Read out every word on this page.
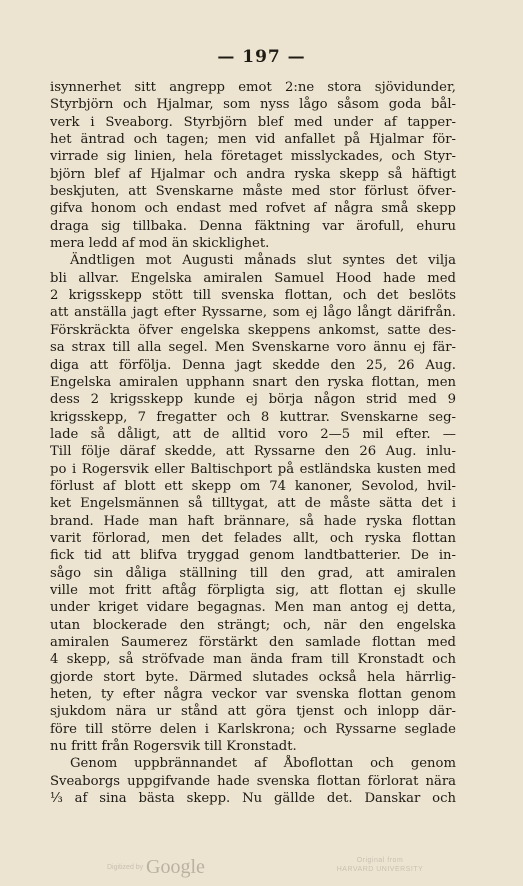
— 197 —
isynnerhet sitt angrepp emot 2:ne stora sjövidunder,
Styrbjörn och Hjalmar, som nyss lågo såsom goda bål-
verk i Sveaborg. Styrbjörn blef med under af tapper-
het äntrad och tagen; men vid anfallet på Hjalmar för-
virrade sig linien, hela företaget misslyckades, och Styr-
björn blef af Hjalmar och andra ryska skepp så häftigt
beskjuten, att Svenskarne måste med stor förlust öfver-
gifva honom och endast med rofvet af några små skepp
draga sig tillbaka. Denna fäktning var ärofull, ehuru
mera ledd af mod än skicklighet.
Ändtligen mot Augusti månads slut syntes det vilja
bli allvar. Engelska amiralen Samuel Hood hade med
2 krigsskepp stött till svenska flottan, och det beslöts
att anställa jagt efter Ryssarne, som ej lågo långt därifrån.
Förskräckta öfver engelska skeppens ankomst, satte des-
sa strax till alla segel. Men Svenskarne voro ännu ej fär-
diga att förfölja. Denna jagt skedde den 25, 26 Aug.
Engelska amiralen upphann snart den ryska flottan, men
dess 2 krigsskepp kunde ej börja någon strid med 9
krigsskepp, 7 fregatter och 8 kuttrar. Svenskarne seg-
lade så dåligt, att de alltid voro 2—5 mil efter. —
Till följe däraf skedde, att Ryssarne den 26 Aug. inlu-
po i Rogersvik eller Baltischport på estländska kusten med
förlust af blott ett skepp om 74 kanoner, Sevolod, hvil-
ket Engelsmännen så tilltygat, att de måste sätta det i
brand. Hade man haft brännare, så hade ryska flottan
varit förlorad, men det felades allt, och ryska flottan
fick tid att blifva tryggad genom landtbatterier. De in-
sågo sin dåliga ställning till den grad, att amiralen
ville mot fritt aftåg förpligta sig, att flottan ej skulle
under kriget vidare begagnas. Men man antog ej detta,
utan blockerade den strängt; och, när den engelska
amiralen Saumerez förstärkt den samlade flottan med
4 skepp, så ströfvade man ända fram till Kronstadt och
gjorde stort byte. Därmed slutades också hela härrlig-
heten, ty efter några veckor var svenska flottan genom
sjukdom nära ur stånd att göra tjenst och inlopp där-
före till större delen i Karlskrona; och Ryssarne seglade
nu fritt från Rogersvik till Kronstadt.
Genom uppbrännandet af Åboflottan och genom
Sveaborgs uppgifvande hade svenska flottan förlorat nära
⅓ af sina bästa skepp. Nu gällde det. Danskar och
Digitized by Google	Original from
HARVARD UNIVERSITY
